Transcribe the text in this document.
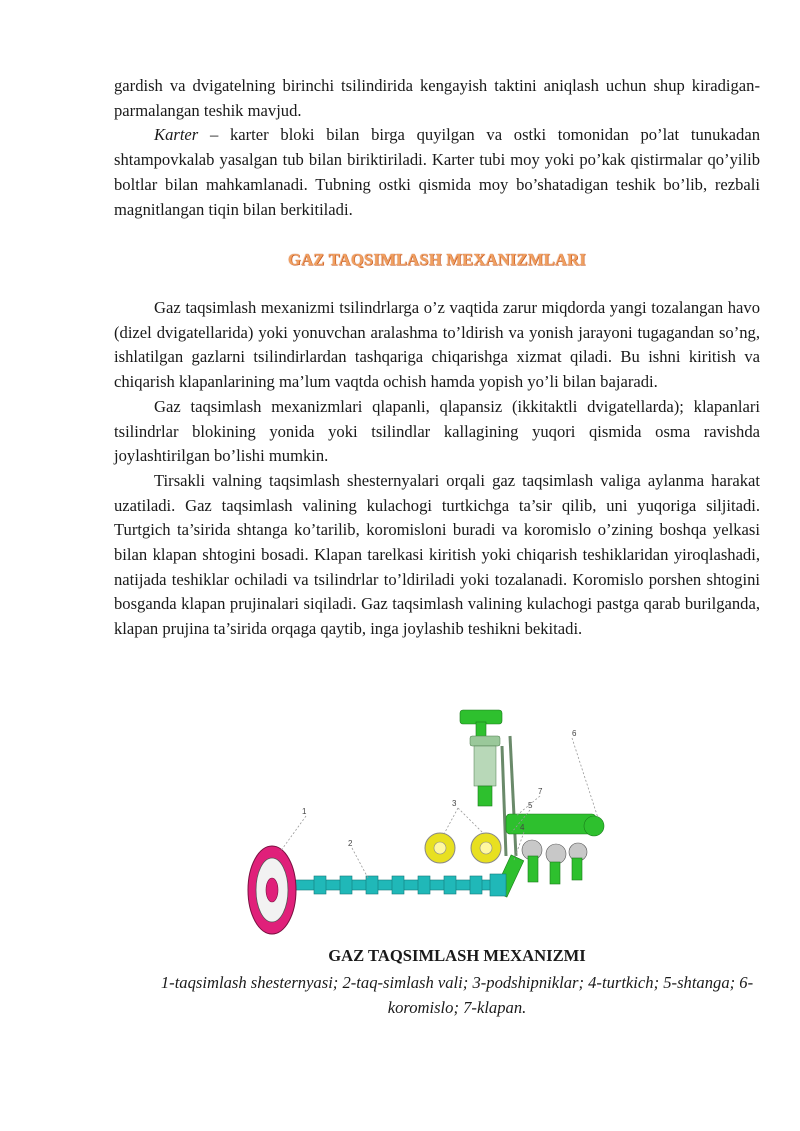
gardish va dvigatelning birinchi tsilindirida kengayish taktini aniqlash uchun shup kiradigan-parmalangan teshik mavjud.

Karter – karter bloki bilan birga quyilgan va ostki tomonidan po’lat tunukadan shtampovkalab yasalgan tub bilan biriktiriladi. Karter tubi moy yoki po’kak qistirmalar qo’yilib boltlar bilan mahkamlanadi. Tubning ostki qismida moy bo’shatadigan teshik bo’lib, rezbali magnitlangan tiqin bilan berkitiladi.

GAZ TAQSIMLASH MEXANIZMLARI

Gaz taqsimlash mexanizmi tsilindrlarga o’z vaqtida zarur miqdorda yangi tozalangan havo (dizel dvigatellarida) yoki yonuvchan aralashma to’ldirish va yonish jarayoni tugagandan so’ng, ishlatilgan gazlarni tsilindirlardan tashqariga chiqarishga xizmat qiladi. Bu ishni kiritish va chiqarish klapanlarining ma’lum vaqtda ochish hamda yopish yo’li bilan bajaradi.

Gaz taqsimlash mexanizmlari qlapanli, qlapansiz (ikkitaktli dvigatellarda); klapanlari tsilindrlar blokining yonida yoki tsilindlar kallagining yuqori qismida osma ravishda joylashtirilgan bo’lishi mumkin.

Tirsakli valning taqsimlash shesternyalari orqali gaz taqsimlash valiga aylanma harakat uzatiladi. Gaz taqsimlash valining kulachogi turtkichga ta’sir qilib, uni yuqoriga siljitadi. Turtgich ta’sirida shtanga ko’tarilib, koromisloni buradi va koromislo o’zining boshqa yelkasi bilan klapan shtogini bosadi. Klapan tarelkasi kiritish yoki chiqarish teshiklaridan yiroqlashadi, natijada teshiklar ochiladi va tsilindrlar to’ldiriladi yoki tozalanadi. Koromislo porshen shtogini bosganda klapan prujinalari siqiladi. Gaz taqsimlash valining kulachogi pastga qarab burilganda, klapan prujina ta’sirida orqaga qaytib, inga joylashib teshikni bekitadi.

1
2
3
4
5
6
7
GAZ TAQSIMLASH MEXANIZMI
1-taqsimlash shesternyasi; 2-taq-simlash vali; 3-podshipniklar; 4-turtkich; 5-shtanga; 6-koromislo; 7-klapan.
